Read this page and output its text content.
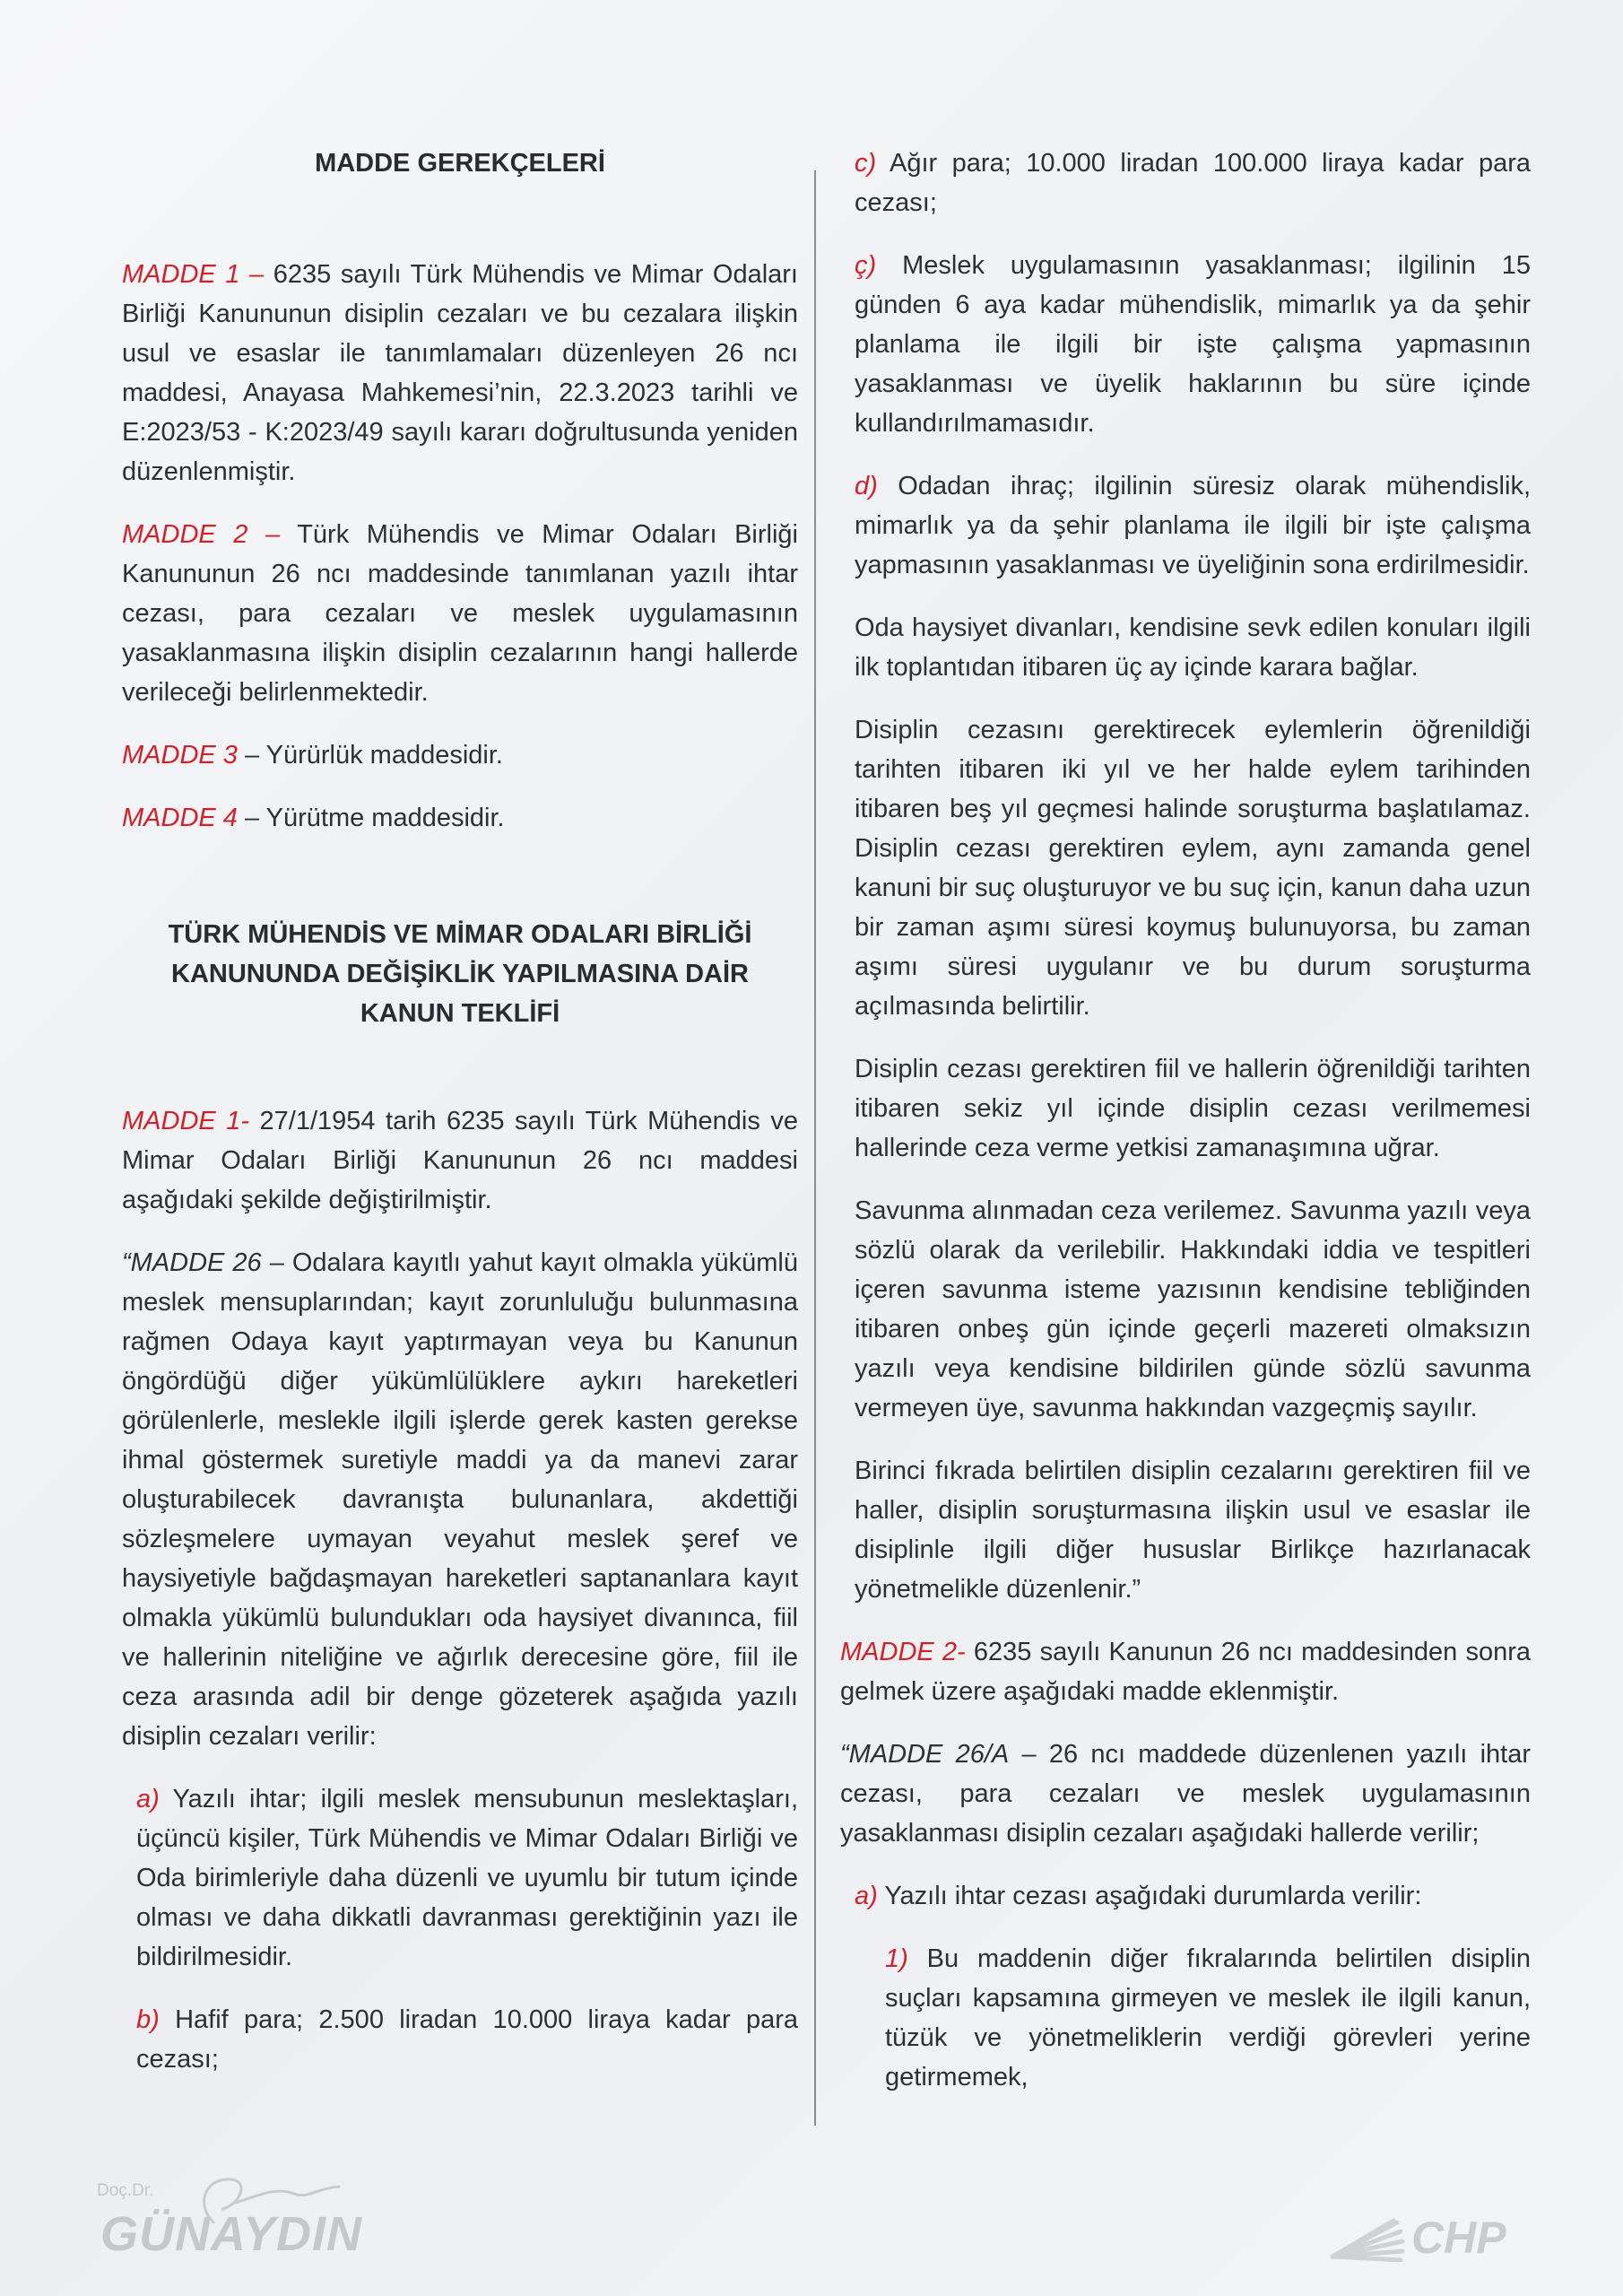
MADDE GEREKÇELERİ

MADDE 1 – 6235 sayılı Türk Mühendis ve Mimar Odaları Birliği Kanununun disiplin cezaları ve bu cezalara ilişkin usul ve esaslar ile tanımlamaları düzenleyen 26 ncı maddesi, Anayasa Mahkemesi’nin, 22.3.2023 tarihli ve E:2023/53 - K:2023/49 sayılı kararı doğrultusunda yeniden düzenlenmiştir.

MADDE 2 – Türk Mühendis ve Mimar Odaları Birliği Kanununun 26 ncı maddesinde tanımlanan yazılı ihtar cezası, para cezaları ve meslek uygulamasının yasaklanmasına ilişkin disiplin cezalarının hangi hallerde verileceği belirlenmektedir.

MADDE 3 – Yürürlük maddesidir.

MADDE 4 – Yürütme maddesidir.

TÜRK MÜHENDİS VE MİMAR ODALARI BİRLİĞİ

KANUNUNDA DEĞİŞİKLİK YAPILMASINA DAİR

KANUN TEKLİFİ

MADDE 1- 27/1/1954 tarih 6235 sayılı Türk Mühendis ve Mimar Odaları Birliği Kanununun 26 ncı maddesi aşağıdaki şekilde değiştirilmiştir.

“MADDE 26 – Odalara kayıtlı yahut kayıt olmakla yükümlü meslek mensuplarından; kayıt zorunluluğu bulunmasına rağmen Odaya kayıt yaptırmayan veya bu Kanunun öngördüğü diğer yükümlülüklere aykırı hareketleri görülenlerle, meslekle ilgili işlerde gerek kasten gerekse ihmal göstermek suretiyle maddi ya da manevi zarar oluşturabilecek davranışta bulunanlara, akdettiği sözleşmelere uymayan veyahut meslek şeref ve haysiyetiyle bağdaşmayan hareketleri saptananlara kayıt olmakla yükümlü bulundukları oda haysiyet divanınca, fiil ve hallerinin niteliğine ve ağırlık derecesine göre, fiil ile ceza arasında adil bir denge gözeterek aşağıda yazılı disiplin cezaları verilir:

a) Yazılı ihtar; ilgili meslek mensubunun meslektaşları, üçüncü kişiler, Türk Mühendis ve Mimar Odaları Birliği ve Oda birimleriyle daha düzenli ve uyumlu bir tutum içinde olması ve daha dikkatli davranması gerektiğinin yazı ile bildirilmesidir.

b) Hafif para; 2.500 liradan 10.000 liraya kadar para cezası;

c) Ağır para; 10.000 liradan 100.000 liraya kadar para cezası;

ç) Meslek uygulamasının yasaklanması; ilgilinin 15 günden 6 aya kadar mühendislik, mimarlık ya da şehir planlama ile ilgili bir işte çalışma yapmasının yasaklanması ve üyelik haklarının bu süre içinde kullandırılmamasıdır.

d) Odadan ihraç; ilgilinin süresiz olarak mühendislik, mimarlık ya da şehir planlama ile ilgili bir işte çalışma yapmasının yasaklanması ve üyeliğinin sona erdirilmesidir.

Oda haysiyet divanları, kendisine sevk edilen konuları ilgili ilk toplantıdan itibaren üç ay içinde karara bağlar.

Disiplin cezasını gerektirecek eylemlerin öğrenildiği tarihten itibaren iki yıl ve her halde eylem tarihinden itibaren beş yıl geçmesi halinde soruşturma başlatılamaz. Disiplin cezası gerektiren eylem, aynı zamanda genel kanuni bir suç oluşturuyor ve bu suç için, kanun daha uzun bir zaman aşımı süresi koymuş bulunuyorsa, bu zaman aşımı süresi uygulanır ve bu durum soruşturma açılmasında belirtilir.

Disiplin cezası gerektiren fiil ve hallerin öğrenildiği tarihten itibaren sekiz yıl içinde disiplin cezası verilmemesi hallerinde ceza verme yetkisi zamanaşımına uğrar.

Savunma alınmadan ceza verilemez. Savunma yazılı veya sözlü olarak da verilebilir. Hakkındaki iddia ve tespitleri içeren savunma isteme yazısının kendisine tebliğinden itibaren onbeş gün içinde geçerli mazereti olmaksızın yazılı veya kendisine bildirilen günde sözlü savunma vermeyen üye, savunma hakkından vazgeçmiş sayılır.

Birinci fıkrada belirtilen disiplin cezalarını gerektiren fiil ve haller, disiplin soruşturmasına ilişkin usul ve esaslar ile disiplinle ilgili diğer hususlar Birlikçe hazırlanacak yönetmelikle düzenlenir.”

MADDE 2- 6235 sayılı Kanunun 26 ncı maddesinden sonra gelmek üzere aşağıdaki madde eklenmiştir.

“MADDE 26/A – 26 ncı maddede düzenlenen yazılı ihtar cezası, para cezaları ve meslek uygulamasının yasaklanması disiplin cezaları aşağıdaki hallerde verilir;

a) Yazılı ihtar cezası aşağıdaki durumlarda verilir:

1) Bu maddenin diğer fıkralarında belirtilen disiplin suçları kapsamına girmeyen ve meslek ile ilgili kanun, tüzük ve yönetmeliklerin verdiği görevleri yerine getirmemek,

Doç.Dr.
GÜNAYDIN	CHP
